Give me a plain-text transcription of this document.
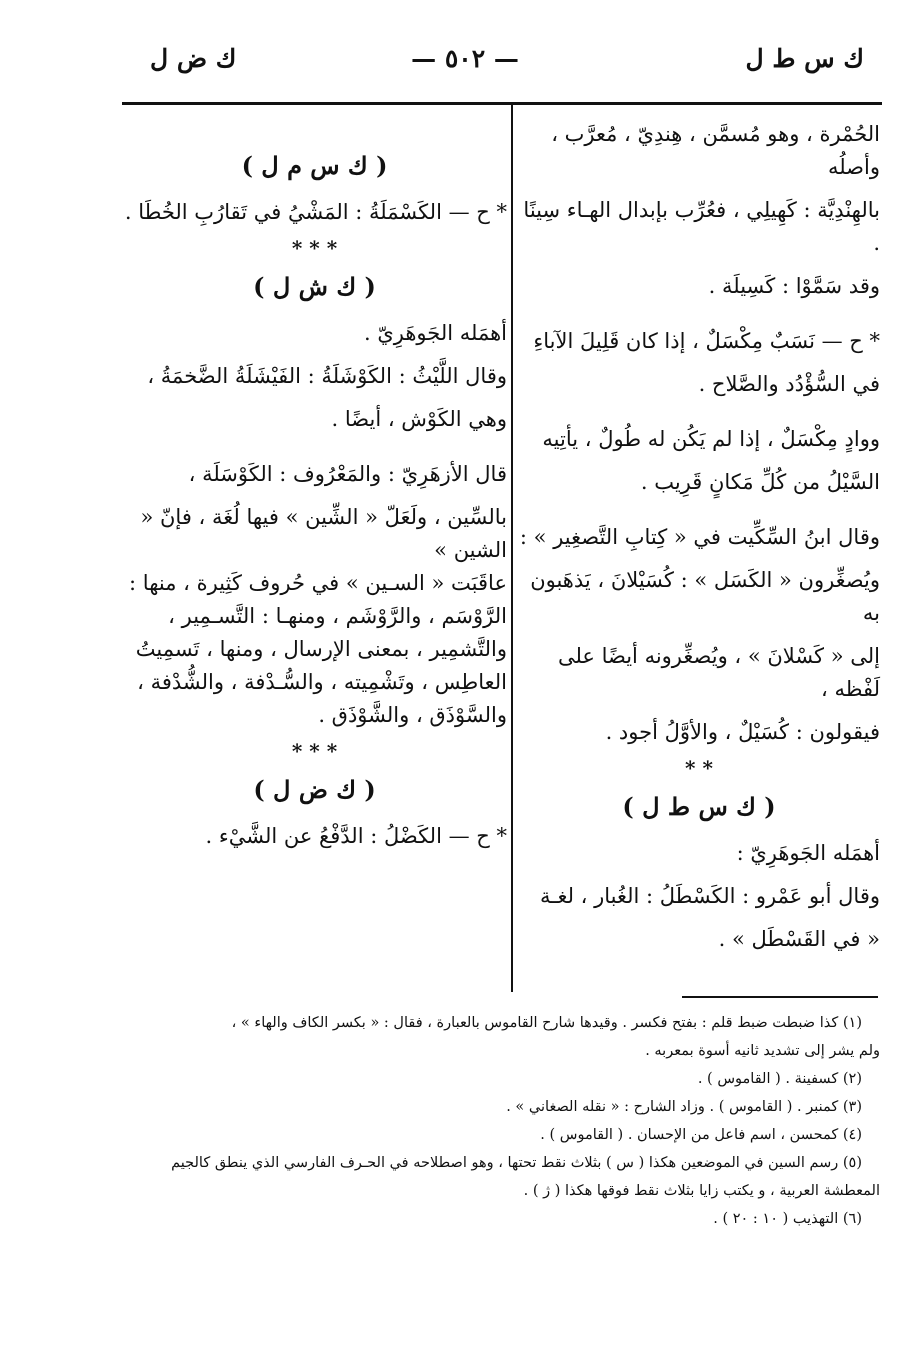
ك س ط ل
— ٥٠٢ —
ك ض ل

الحُمْرة ، وهو مُسمَّن ، هِندِيّ ، مُعرَّب ، وأصلُه

بالهِنْدِيَّة : كَهِيلِي ، فعُرِّب بإبدال الهـاء سِينًا .

وقد سَمَّوْا : كَسِيلَة .

* ح — نَسَبٌ مِكْسَلٌ ، إذا كان قَلِيلَ الآباءِ

في السُّؤْدُد والصَّلاح .

ووادٍ مِكْسَلٌ ، إذا لم يَكُن له طُولٌ ، يأتِيه

السَّيْلُ من كُلِّ مَكانٍ قَرِيب .

وقال ابنُ السِّكِّيت في « كِتابِ التَّصغِير » :

ويُصغِّرون « الكَسَل » : كُسَيْلانَ ، يَذهَبون به

إلى « كَسْلانَ » ، ويُصغِّرونه أيضًا على لَفْظه ،

فيقولون : كُسَيْلٌ ، والأوَّلُ أجود .

* *
( ك س ط ل )

أهمَله الجَوهَرِيّ :

وقال أبو عَمْرو : الكَسْطَلُ : الغُبار ، لغـة

« في القَسْطَل » .

( ك س م ل )

* ح — الكَسْمَلَةُ : المَشْيُ في تَقارُبِ الخُطَا .

* * *
( ك ش ل )

أهمَله الجَوهَرِيّ .

وقال اللَّيْثُ : الكَوْشَلَةُ : الفَيْشَلَةُ الضَّخمَةُ ،

وهي الكَوْش ، أيضًا .

قال الأزهَرِيّ : والمَعْرُوف : الكَوْسَلَة ،

بالسِّين ، ولَعَلّ « الشِّين » فيها لُغَة ، فإنّ « الشين »

عاقَبَت « السـين » في حُروف كَثِيرة ، منها :

الرَّوْسَم ، والرَّوْشَم ، ومنهـا : التَّسـمِير ،

والتَّشمِير ، بمعنى الإرسال ، ومنها ، تَسمِيتُ

العاطِس ، وتَشْمِيته ، والسُّـدْفة ، والشُّدْفة ،

والسَّوْذَق ، والشَّوْذَق .

* * *
( ك ض ل )

* ح — الكَضْلُ : الدَّفْعُ عن الشَّيْء .

(١) كذا ضبطت ضبط قلم : بفتح فكسر . وقيدها شارح القاموس بالعبارة ، فقال : « بكسر الكاف والهاء » ،

ولم يشر إلى تشديد ثانيه أسوة بمعربه .

(٢) كسفينة . ( القاموس ) .

(٣) كمنبر . ( القاموس ) . وزاد الشارح : « نقله الصغاني » .

(٤) كمحسن ، اسم فاعل من الإحسان . ( القاموس ) .

(٥) رسم السين في الموضعين هكذا ( س ) بثلاث نقط تحتها ، وهو اصطلاحه في الحـرف الفارسي الذي ينطق كالجيم

المعطشة العربية ، و يكتب زايا بثلاث نقط فوقها هكذا ( ژ ) .

(٦) التهذيب ( ١٠ : ٢٠ ) .
